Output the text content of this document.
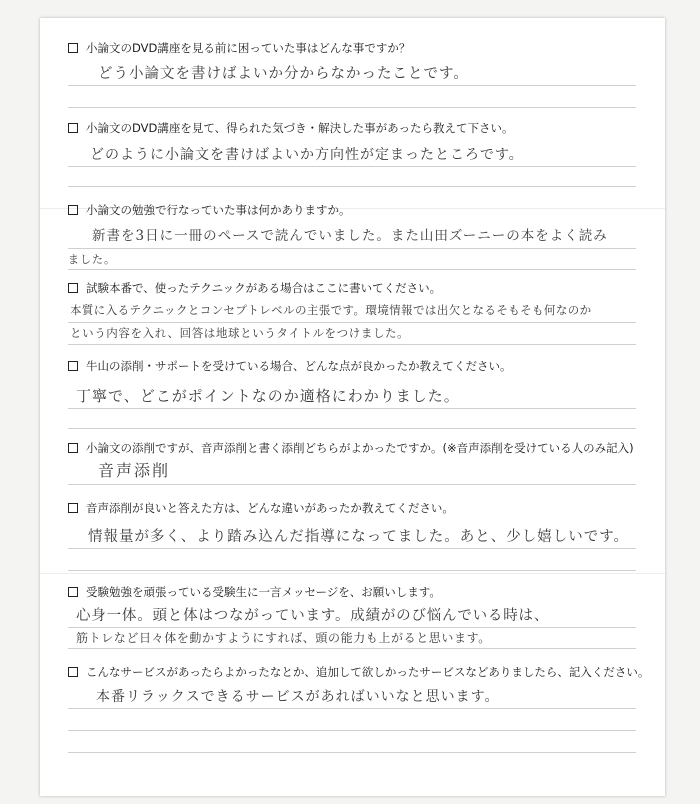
小論文のDVD講座を見る前に困っていた事はどんな事ですか？
どう小論文を書けばよいか分からなかったことです。
小論文のDVD講座を見て、得られた気づき・解決した事があったら教えて下さい。
どのように小論文を書けばよいか方向性が定まったところです。
小論文の勉強で行なっていた事は何かありますか。
新書を3日に一冊のペースで読んでいました。また山田ズーニーの本をよく読み
ました。
試験本番で、使ったテクニックがある場合はここに書いてください。
本質に入るテクニックとコンセプトレベルの主張です。環境情報では出欠となるそもそも何なのか
という内容を入れ、回答は地球というタイトルをつけました。
牛山の添削・サポートを受けている場合、どんな点が良かったか教えてください。
丁寧で、どこがポイントなのか適格にわかりました。
小論文の添削ですが、音声添削と書く添削どちらがよかったですか。(※音声添削を受けている人のみ記入)
音声添削
音声添削が良いと答えた方は、どんな違いがあったか教えてください。
情報量が多く、より踏み込んだ指導になってました。あと、少し嬉しいです。
受験勉強を頑張っている受験生に一言メッセージを、お願いします。
心身一体。頭と体はつながっています。成績がのび悩んでいる時は、
筋トレなど日々体を動かすようにすれば、頭の能力も上がると思います。
こんなサービスがあったらよかったなとか、追加して欲しかったサービスなどありましたら、記入ください。
本番リラックスできるサービスがあればいいなと思います。
